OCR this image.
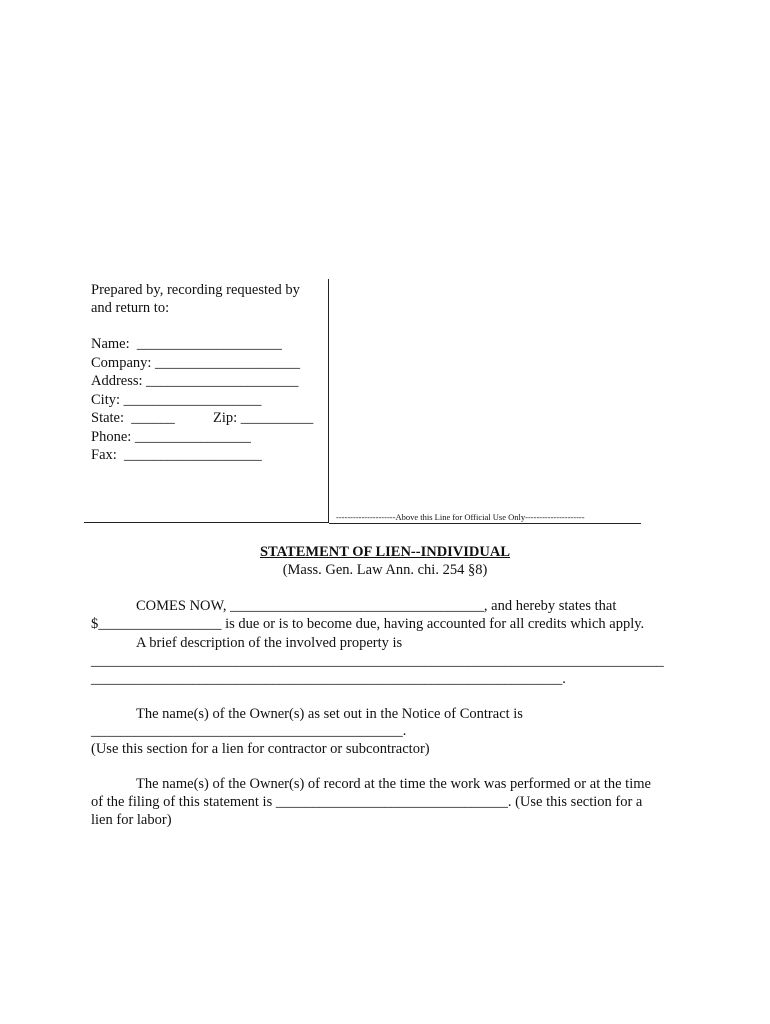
Prepared by, recording requested by
and return to:
Name:  ____________________
Company: ____________________
Address: _____________________
City: ___________________
State:  ______	Zip: __________
Phone: ________________
Fax:  ___________________
---------------------Above this Line for Official Use Only---------------------
STATEMENT OF LIEN--INDIVIDUAL
(Mass. Gen. Law Ann. chi. 254 §8)
COMES NOW, ___________________________________, and hereby states that
$_________________ is due or is to become due, having accounted for all credits which apply.
A brief description of the involved property is
_______________________________________________________________________________
_________________________________________________________________.
The name(s) of the Owner(s) as set out in the Notice of Contract is
___________________________________________.
(Use this section for a lien for contractor or subcontractor)
The name(s) of the Owner(s) of record at the time the work was performed or at the time
of the filing of this statement is ________________________________. (Use this section for a
lien for labor)
